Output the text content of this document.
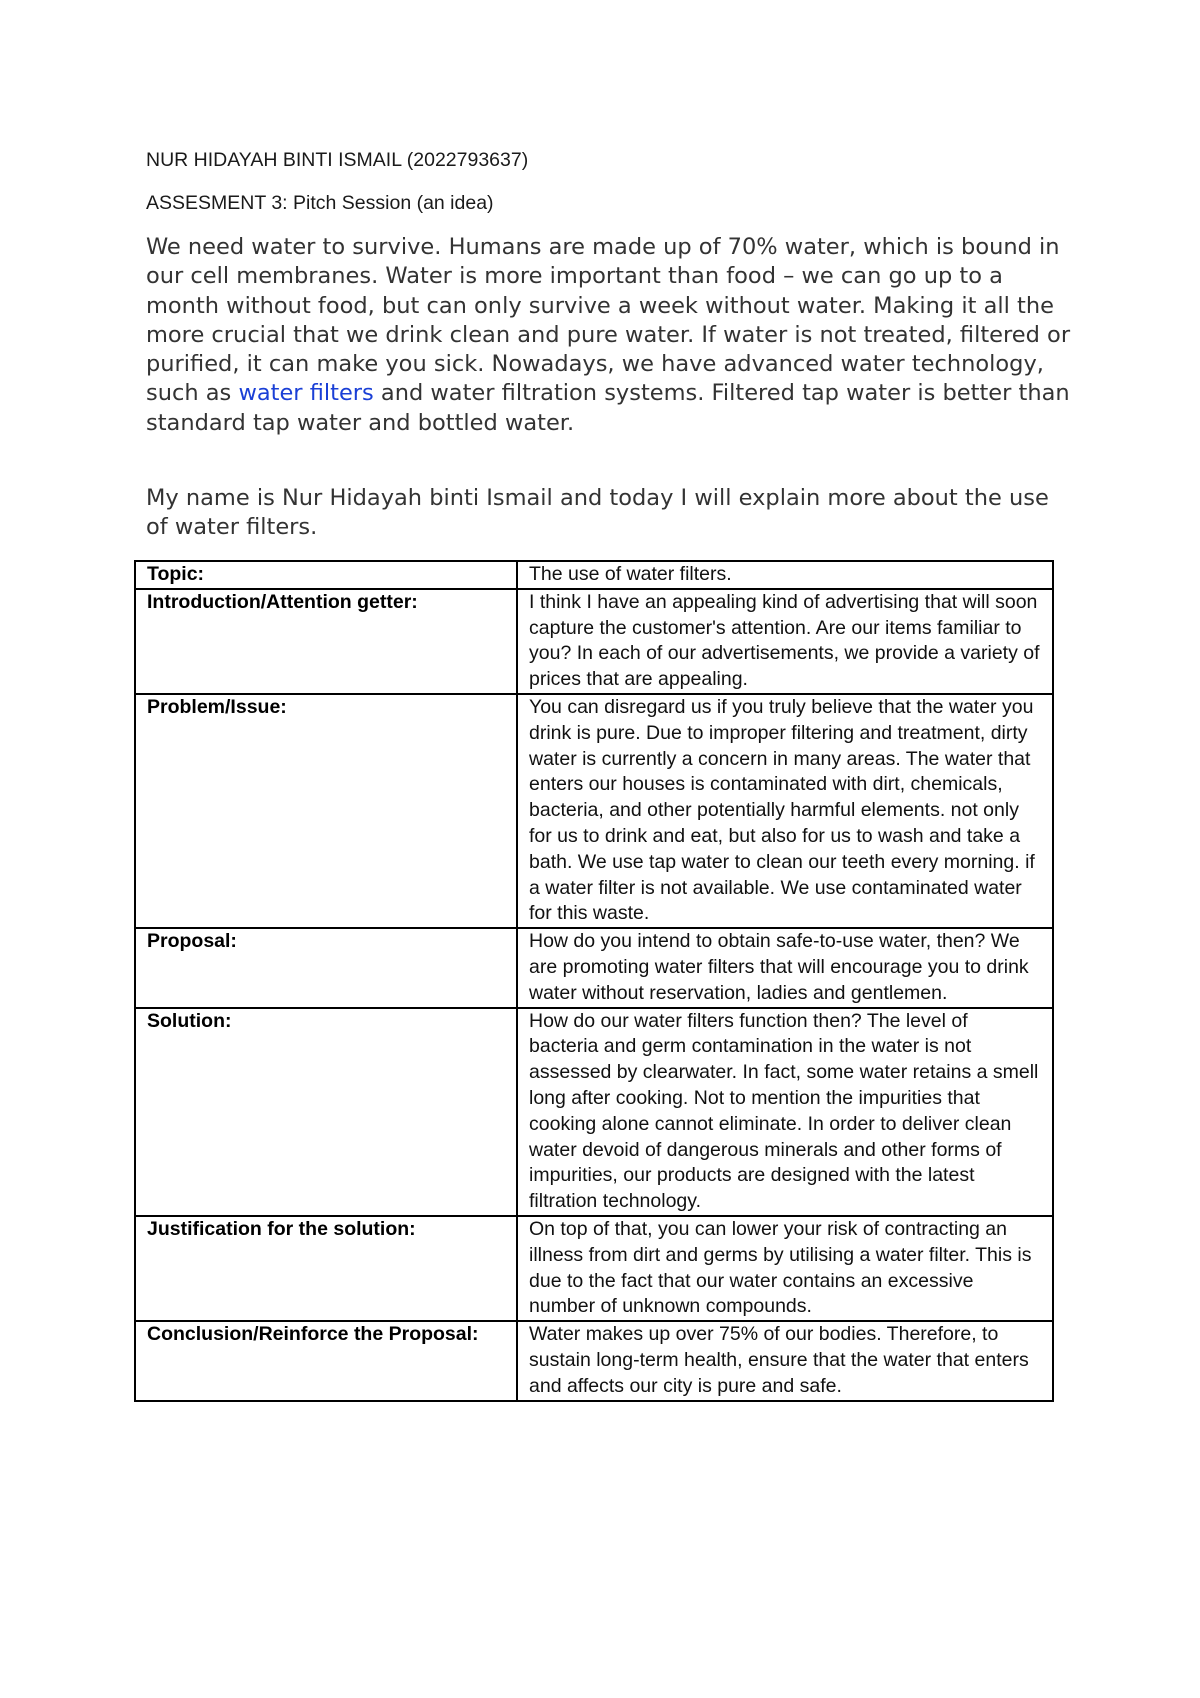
NUR HIDAYAH BINTI ISMAIL (2022793637)
ASSESMENT 3: Pitch Session (an idea)

We need water to survive. Humans are made up of 70% water, which is bound in our cell membranes. Water is more important than food – we can go up to a month without food, but can only survive a week without water. Making it all the more crucial that we drink clean and pure water. If water is not treated, filtered or purified, it can make you sick. Nowadays, we have advanced water technology, such as water filters and water filtration systems. Filtered tap water is better than standard tap water and bottled water.

My name is Nur Hidayah binti Ismail and today I will explain more about the use of water filters.

Topic:	The use of water filters.
Introduction/Attention getter:	I think I have an appealing kind of advertising that will soon capture the customer's attention. Are our items familiar to you? In each of our advertisements, we provide a variety of prices that are appealing.
Problem/Issue:	You can disregard us if you truly believe that the water you drink is pure. Due to improper filtering and treatment, dirty water is currently a concern in many areas. The water that enters our houses is contaminated with dirt, chemicals, bacteria, and other potentially harmful elements. not only for us to drink and eat, but also for us to wash and take a bath. We use tap water to clean our teeth every morning. if a water filter is not available. We use contaminated water for this waste.
Proposal:	How do you intend to obtain safe-to-use water, then? We are promoting water filters that will encourage you to drink water without reservation, ladies and gentlemen.
Solution:	How do our water filters function then? The level of bacteria and germ contamination in the water is not assessed by clearwater. In fact, some water retains a smell long after cooking. Not to mention the impurities that cooking alone cannot eliminate. In order to deliver clean water devoid of dangerous minerals and other forms of impurities, our products are designed with the latest filtration technology.
Justification for the solution:	On top of that, you can lower your risk of contracting an illness from dirt and germs by utilising a water filter. This is due to the fact that our water contains an excessive number of unknown compounds.
Conclusion/Reinforce the Proposal:	Water makes up over 75% of our bodies. Therefore, to sustain long-term health, ensure that the water that enters and affects our city is pure and safe.
